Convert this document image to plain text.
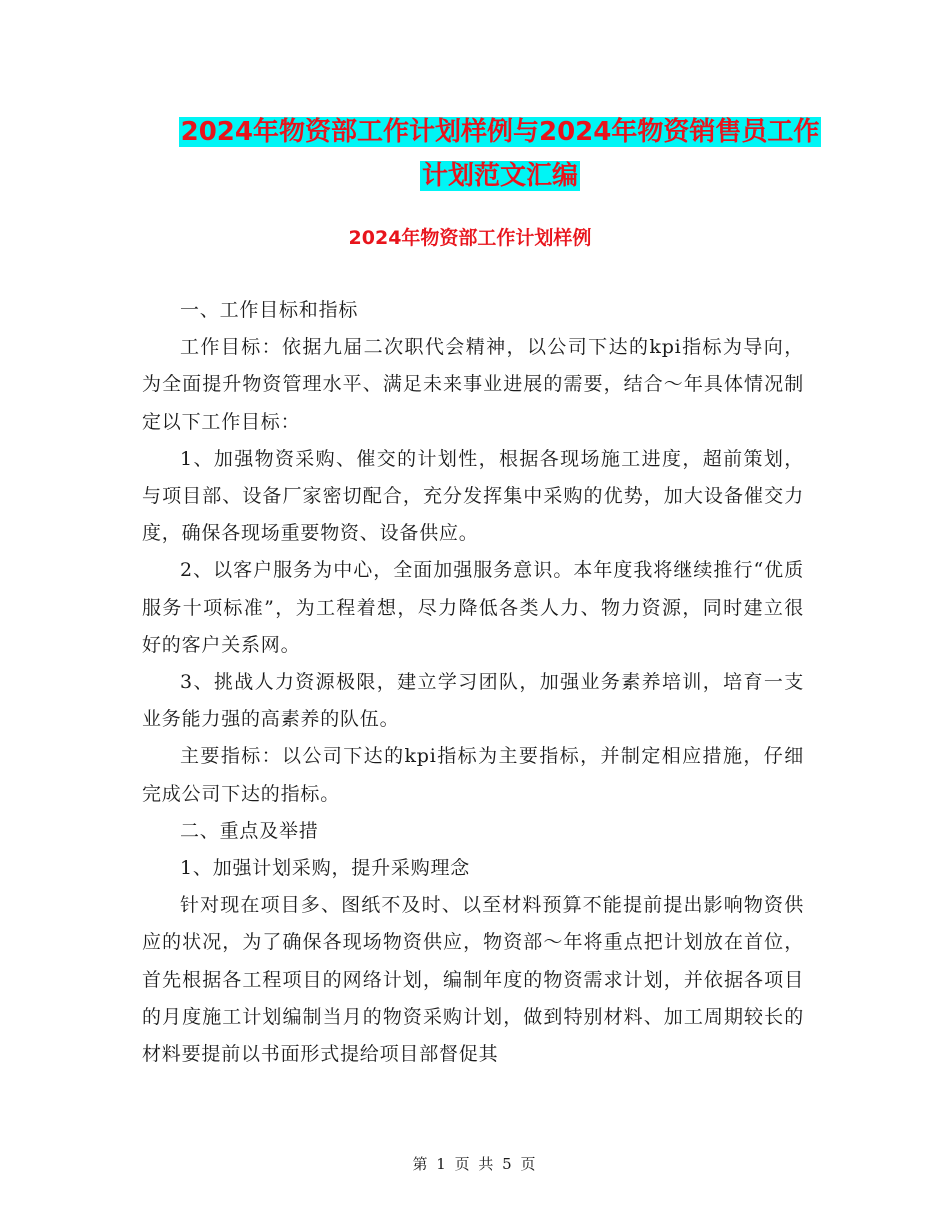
2024年物资部工作计划样例与2024年物资销售员工作
计划范文汇编
2024年物资部工作计划样例

一、工作目标和指标

工作目标：依据九届二次职代会精神，以公司下达的kpi指标为导向，为全面提升物资管理水平、满足未来事业进展的需要，结合～年具体情况制定以下工作目标：

1、加强物资采购、催交的计划性，根据各现场施工进度，超前策划，与项目部、设备厂家密切配合，充分发挥集中采购的优势，加大设备催交力度，确保各现场重要物资、设备供应。

2、以客户服务为中心，全面加强服务意识。本年度我将继续推行“优质服务十项标准”，为工程着想，尽力降低各类人力、物力资源，同时建立很好的客户关系网。

3、挑战人力资源极限，建立学习团队，加强业务素养培训，培育一支业务能力强的高素养的队伍。

主要指标：以公司下达的kpi指标为主要指标，并制定相应措施，仔细完成公司下达的指标。

二、重点及举措

1、加强计划采购，提升采购理念

针对现在项目多、图纸不及时、以至材料预算不能提前提出影响物资供应的状况，为了确保各现场物资供应，物资部～年将重点把计划放在首位，首先根据各工程项目的网络计划，编制年度的物资需求计划，并依据各项目的月度施工计划编制当月的物资采购计划，做到特别材料、加工周期较长的材料要提前以书面形式提给项目部督促其

第 1 页 共 5 页
